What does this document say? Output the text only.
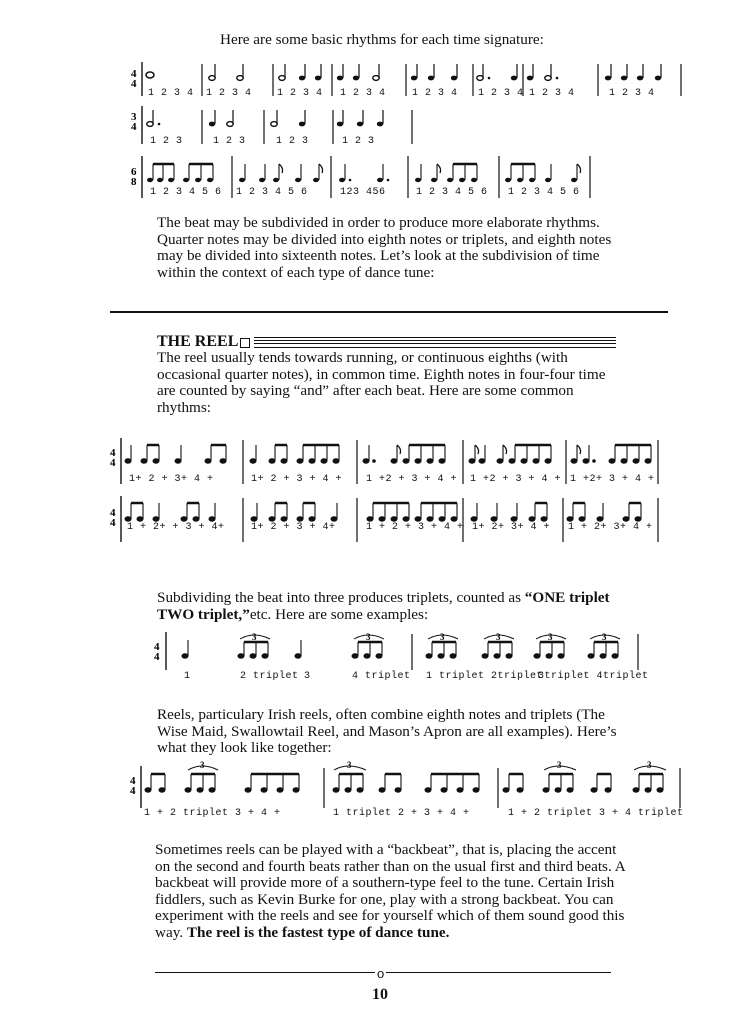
Here are some basic rhythms for each time signature:
4
4
3
4
6
8
1 2 3 4 1 2 3 4	1 2 3 4 1 2 3 4	1 2 3 4 1 2 3 4 1 2 3 4	1 2 3 4
1 2 3	1 2 3	1 2 3	1 2 3
1 2 3 4 5 6 1 2 3 4 5 6	123 456	1 2 3 4 5 6 1 2 3 4 5 6
The beat may be subdivided in order to produce more elaborate rhythms. Quarter notes may be divided into eighth notes or triplets, and eighth notes may be divided into sixteenth notes. Let’s look at the subdivision of time within the context of each type of dance tune:
THE REEL
The reel usually tends towards running, or continuous eighths (with occasional quarter notes), in common time. Eighth notes in four-four time are counted by saying “and” after each beat. Here are some common rhythms:
4
4
4
4
1+ 2 + 3+ 4 +	1+ 2 + 3 + 4 + 1 +2 + 3 + 4 + 1 +2 + 3 + 4 + 1 +2+ 3 + 4 +
1 + 2+ + 3 + 4+	1+ 2 + 3 + 4+	1 + 2 + 3 + 4 + 1+ 2+ 3+ 4 + 1 + 2+ 3+ 4 +
Subdividing the beat into three produces triplets, counted as “ONE triplet TWO triplet,”etc. Here are some examples:
4
4
3	3	3	3	3	3
1	2 triplet 3	4 triplet 1 triplet 2triplet
3triplet 4triplet
Reels, particulary Irish reels, often combine eighth notes and triplets (The Wise Maid, Swallowtail Reel, and Mason’s Apron are all examples). Here’s what they look like together:
4
4
3	3	3	3
1 + 2 triplet 3 + 4 +	1 triplet 2 + 3 + 4 +	1 + 2 triplet 3 + 4 triplet
Sometimes reels can be played with a “backbeat”, that is, placing the accent on the second and fourth beats rather than on the usual first and third beats. A backbeat will provide more of a southern-type feel to the tune. Certain Irish fiddlers, such as Kevin Burke for one, play with a strong backbeat. You can experiment with the reels and see for yourself which of them sound good this way. The reel is the fastest type of dance tune.
o
10
